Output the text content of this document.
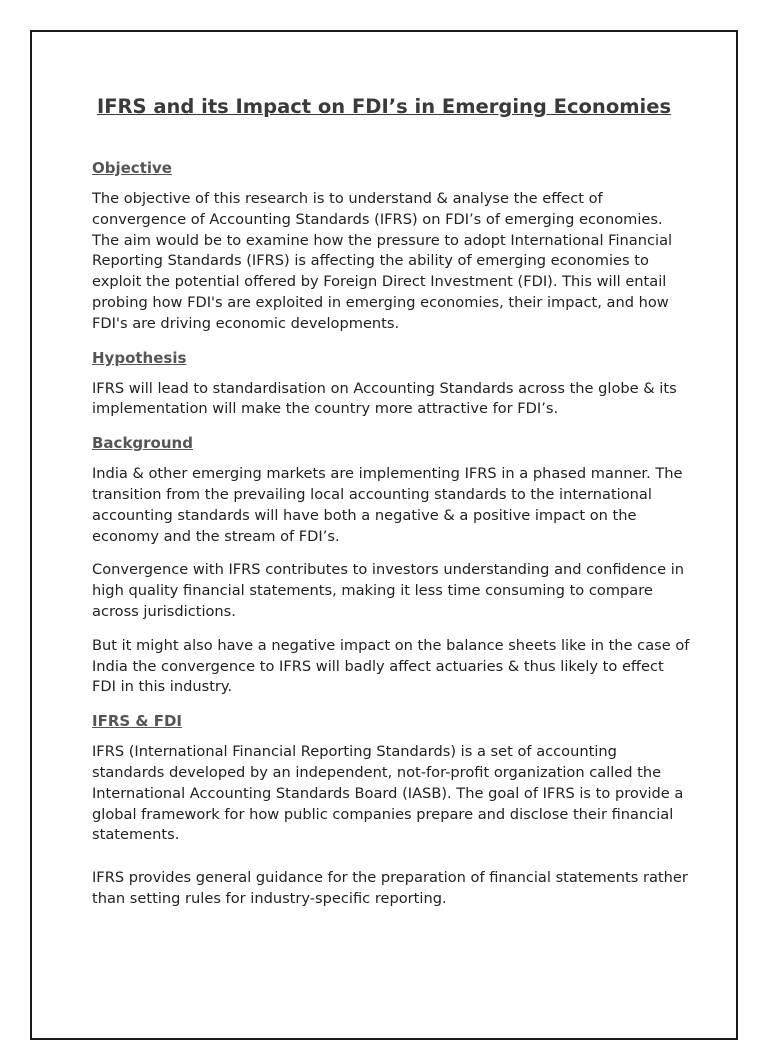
IFRS and its Impact on FDI’s in Emerging Economies
Objective

The objective of this research is to understand & analyse the effect of convergence of Accounting Standards (IFRS) on FDI’s of emerging economies. The aim would be to examine how the pressure to adopt International Financial Reporting Standards (IFRS) is affecting the ability of emerging economies to exploit the potential offered by Foreign Direct Investment (FDI). This will entail probing how FDI's are exploited in emerging economies, their impact, and how FDI's are driving economic developments.

Hypothesis

IFRS will lead to standardisation on Accounting Standards across the globe & its implementation will make the country more attractive for FDI’s.

Background

India & other emerging markets are implementing IFRS in a phased manner. The transition from the prevailing local accounting standards to the international accounting standards will have both a negative & a positive impact on the economy and the stream of FDI’s.

Convergence with IFRS contributes to investors understanding and confidence in high quality financial statements, making it less time consuming to compare across jurisdictions.

But it might also have a negative impact on the balance sheets like in the case of India the convergence to IFRS will badly affect actuaries & thus likely to effect FDI in this industry.

IFRS & FDI

IFRS (International Financial Reporting Standards) is a set of accounting standards developed by an independent, not-for-profit organization called the International Accounting Standards Board (IASB). The goal of IFRS is to provide a global framework for how public companies prepare and disclose their financial statements.

IFRS provides general guidance for the preparation of financial statements rather than setting rules for industry-specific reporting.
